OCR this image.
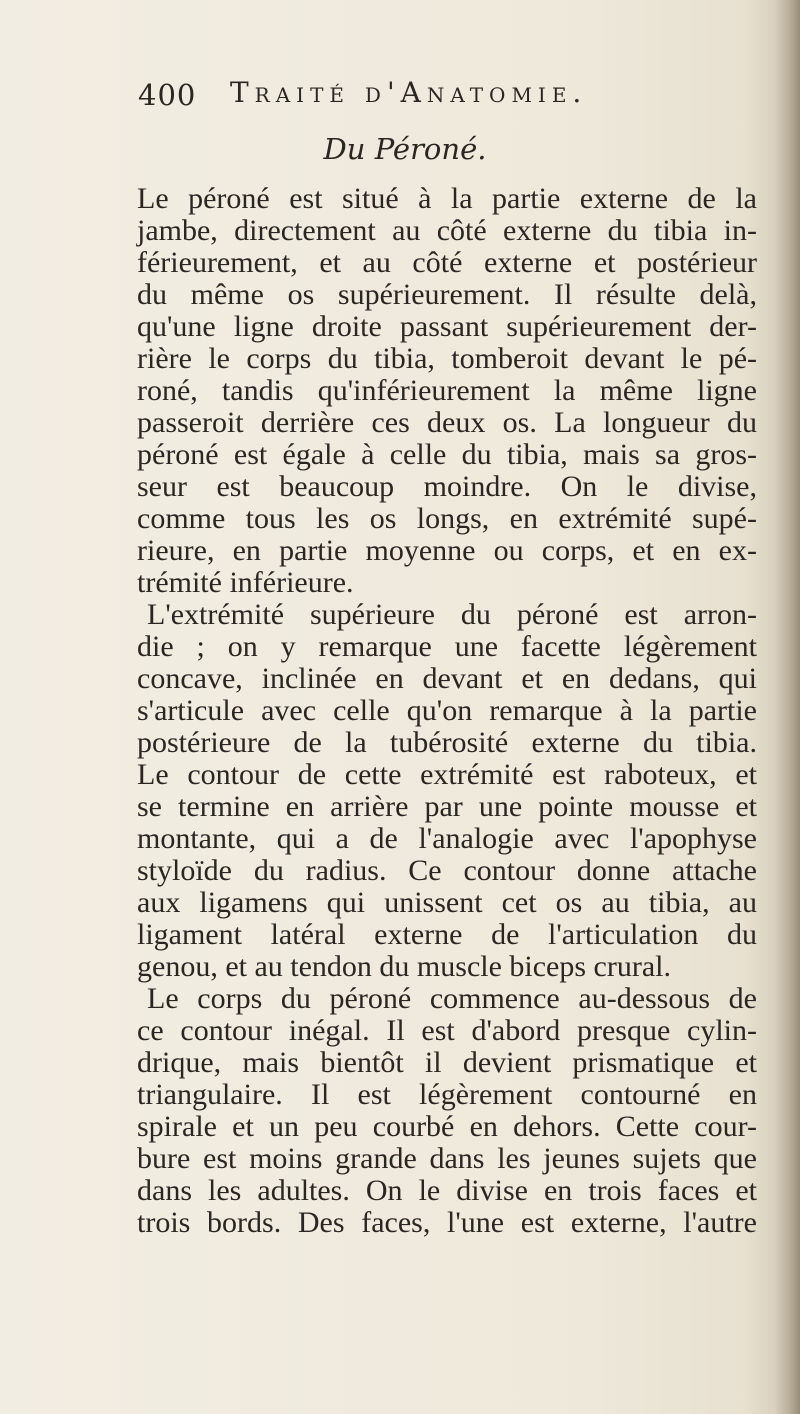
400 Traité d'Anatomie.
Du Péroné.
Le péroné est situé à la partie externe de la
jambe, directement au côté externe du tibia in-
férieurement, et au côté externe et postérieur
du même os supérieurement. Il résulte delà,
qu'une ligne droite passant supérieurement der-
rière le corps du tibia, tomberoit devant le pé-
roné, tandis qu'inférieurement la même ligne
passeroit derrière ces deux os. La longueur du
péroné est égale à celle du tibia, mais sa gros-
seur est beaucoup moindre. On le divise,
comme tous les os longs, en extrémité supé-
rieure, en partie moyenne ou corps, et en ex-
trémité inférieure.
L'extrémité supérieure du péroné est arron-
die ; on y remarque une facette légèrement
concave, inclinée en devant et en dedans, qui
s'articule avec celle qu'on remarque à la partie
postérieure de la tubérosité externe du tibia.
Le contour de cette extrémité est raboteux, et
se termine en arrière par une pointe mousse et
montante, qui a de l'analogie avec l'apophyse
styloïde du radius. Ce contour donne attache
aux ligamens qui unissent cet os au tibia, au
ligament latéral externe de l'articulation du
genou, et au tendon du muscle biceps crural.
Le corps du péroné commence au-dessous de
ce contour inégal. Il est d'abord presque cylin-
drique, mais bientôt il devient prismatique et
triangulaire. Il est légèrement contourné en
spirale et un peu courbé en dehors. Cette cour-
bure est moins grande dans les jeunes sujets que
dans les adultes. On le divise en trois faces et
trois bords. Des faces, l'une est externe, l'autre
